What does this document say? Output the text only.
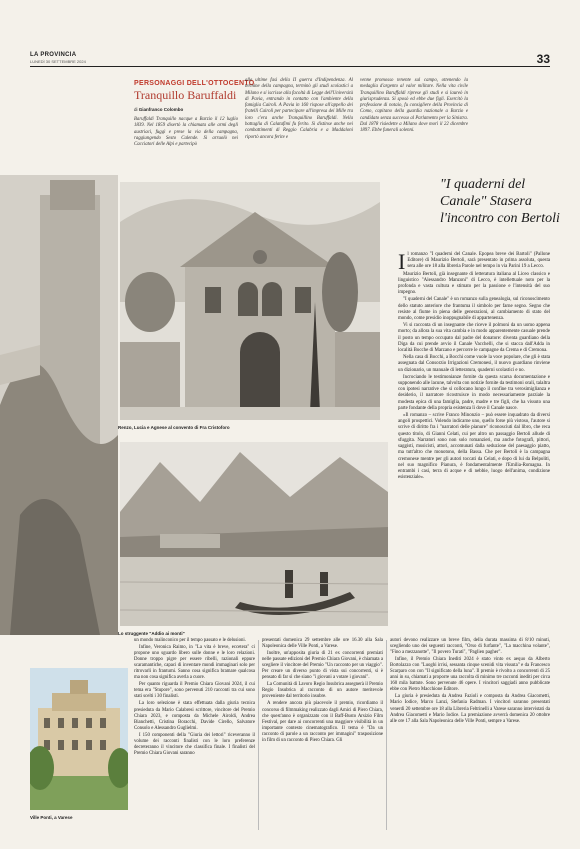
LA PROVINCIA
LUNEDÌ 30 SETTEMBRE 2024	33
PERSONAGGI DELL'OTTOCENTO
Tranquillo Baruffaldi
di Gianfranco Colombo

Baruffaldi Tranquillo nacque a Barzio il 12 luglio 1839. Nel 1859 disertò la chiamata alle armi degli austriaci, fuggì e prese la via della campagna, raggiungendo Sesto Calende. Si arruolò nei Cacciatori delle Alpi e partecipò

alle ultime fasi della II guerra d'Indipendenza. Al termine della campagna, terminò gli studi scolastici a Milano e si iscrisse alla facoltà di Legge dell'Università di Pavia, entrando in contatto con l'ambiente della famiglia Cairoli. A Pavia in 160 rispose all'appello dei fratelli Cairoli per partecipare all'impresa dei Mille tra loro c'era anche Tranquillino Baruffaldi. Nella battaglia di Calatafimi fu ferito. Si distinse anche nei combattimenti di Reggio Calabria e a Maddaloni riportò ancora ferite e

venne promosso tenente sul campo, ottenendo la medaglia d'argento al valor militare. Nella vita civile Tranquillino Baruffaldi riprese gli studi e si laureò in giurisprudenza. Si sposò ed ebbe due figli. Esercitò la professione di notaio, fu consigliere della Provincia di Como, capitano della guardia nazionale a Barzio e candidato senza successo al Parlamento per la Sinistra. Dal 1878 risiedette a Milano dove morì il 22 dicembre 1897. Ebbe funerali solenni.

Renzo, Lucia e Agnese al convento di Fra Cristoforo
Lo struggente "Addio ai monti"
"I quaderni del Canale" Stasera l'incontro con Bertoli
I l romanzo "I quaderni del Canale. Epopea breve dei Bartoli" (Pallone Editore) di Maurizio Bertoli, sarà presentato in prima assoluta, questa sera alle ore 18 alla libreria Parole nel tempo in via Parini 19 a Lecco.

Maurizio Bertoli, già insegnante di letteratura italiana al Liceo classico e linguistico "Alessandro Manzoni" di Lecco, è intellettuale noto per la profonda e vasta cultura e stimato per la passione e l'intensità del suo impegno.

"I quaderni del Canale" è un romanzo sulla genealogia, sul riconoscimento dello statuto anteriore che frantuma il simbolo per farne segno. Segno che resiste al fiume in piena delle generazioni, al cambiamento di stato del mondo, come presidio inoppugnabile di appartenenza.

Vi si racconta di un insegnante che riceve il polmoni da un uomo appena morto; da allora la sua vita cambia e in modo apparentemente casuale prende il posto un tempo occupato dal padre del donatore: diventa guardiano della Diga da cui prende avvio il Canale Vacchelli, che si stacca dall'Adda in località Bocche di Marzano e percorre le campagne da Crema e di Cremona.

Nella casa di Bocchi, a Bocchi come vuole la voce popolare, che gli è stata assegnata dal Consorzio Irrigazioni Cremonesi, il nuovo guardiano rinviene un dizionario, un manuale di letteratura, quaderni scolastici e no.

Incrociando le testimonianze fornite da questa scarsa documentazione e supponendo alle lacune, talvolta con notizie fornite da testimoni orali, talaltra con ipotesi narrative che si collocano lungo il confine tra verosimiglianza e desiderio, il narratore ricostruisce in modo necessariamente parziale la modesta epica di una famiglia, padre, madre e tre figli, che ha vissuto una parte fondante della propria esistenza lì dove il Canale nasce.

«Il romanzo – scrive Franco Minonzio – può essere inquadrato da diversi angoli prospettici. Volendo indicarne uno, quello forse più vistoso, l'autore si scrive di diritto fra i "narratori delle pianure" riconosciuti dal libro, che reca questo titolo, di Gianni Celati, cui per altro un passaggio Bertoli allude di sfuggita. Narratori sono non solo romanzieri, ma anche fotografi, pittori, saggisti, musicisti, attori, accomunati dalla seduzione del paesaggio piatto, ma tutt'altro che monotono, della Bassa. Che per Bertoli è la campagna cremonese mentre per gli autori toccati da Celati, e dopo di lui da Belpoliti, nel suo magnifico Pianura, è fondamentalmente l'Emilia-Romagna. In entrambi i casi, terra di acque e di nebbie, luogo dell'anima, condizione esistenziale».

Ville Ponti, a Varese

un mondo malinconico per il tempo passato e le delusioni.

Infine, Veronica Raimo, in "La vita è breve, eccetera" ci propone uno sguardo libero sulle donne e le loro relazioni. Donne troppo pigre per essere ribelli, razionali eppure scaramantiche, capaci di inventare mondi immaginari solo per ritrovarli in frantumi. Sanno cosa significa bramare qualcosa ma non cosa significa averla a cuore.

Per quanto riguarda il Premio Chiara Giovani 2024, il cui tema era "Stupore", sono pervenuti 210 racconti tra cui sono stati scelti i 30 finalisti.

La loro selezione è stata effettuata dalla giuria tecnica presieduta da Mario Calabresi scrittore, vincitore del Premio Chiara 2023, e composta da Michele Airoldi, Andrea Bianchetti, Cristina Boracchi, Davide Cirello, Salvatore Consolo e Alessandro Guglielmi.

I 150 componenti della "Giuria dei lettori" riceveranno il volume dei racconti finalisti con le loro preferenze decreteranno il vincitore che classifica finale. I finalisti del Premio Chiara Giovani saranno

presentati domenica 29 settembre alle ore 16.30 alla Sala Napoleonica delle Ville Ponti, a Varese.

Inoltre, un'apposita giuria di 21 ex concorrenti premiati nelle passate edizioni del Premio Chiara Giovani, è chiamata a scegliere il vincitore del Premio "Un racconto per un viaggio". Per creare un diverso punto di vista sui concorrenti, si è pensato di far sì che siano "i giovani a votare i giovani".

La Comunità di Lavoro Regio Insubrica assegnerà il Premio Regio Insubrica al racconto di un autore meritevole proveniente dal territorio insubre.

A rendere ancora più piacevole il premio, ricordiamo il concorso di filmmaking realizzato dagli Amici di Piero Chiara, che quest'anno è organizzato con il Baff-Busto Arsizio Film Festival, per dare ai concorrenti una maggiore visibilità in un importante contesto cinematografico. Il tema è "Da un racconto di parole a un racconto per immagini" trasposizione in film di un racconto di Piero Chiara. Gli

autori devono realizzare un breve film, della durata massima di 8/10 minuti, scegliendo uno dei seguenti racconti, "Orso di furfante", "La macchina volante", "Fino a mezzanotte", "Il povero Turati", "Paglien pagher".

Infine, il Premio Chiara Inediti 2024 è stato vinto ex aequo da Alberto Bortolazzo con "Luoghi irrisi, sessanta cinque scenidi vita vissuta" e da Francesco Scarparo con con "Il significato della luna". Il premio è rivolto a concorrenti di 25 anni in su, chiamati a proporre una raccolta di minimo tre racconti inediti per circa 160 mila battute. Sono pervenute 46 opere. I vincitori saggiadi anno pubblicate ebbe con Pietro Macchione Editore.

La giuria è presieduta da Andrea Fazioli e composta da Andrea Giacometti, Mario Iodice, Marco Lanzi, Stefania Radman. I vincitori saranno presentati venerdì 20 settembre ore 18 alla Libreria Feltrinelli a Varese saranno intervistati da Andrea Giacometti e Mario Iodice. La premiazione avverrà domenica 20 ottobre alle ore 17 alla Sala Napoleonica delle Ville Ponti, sempre a Varese.
